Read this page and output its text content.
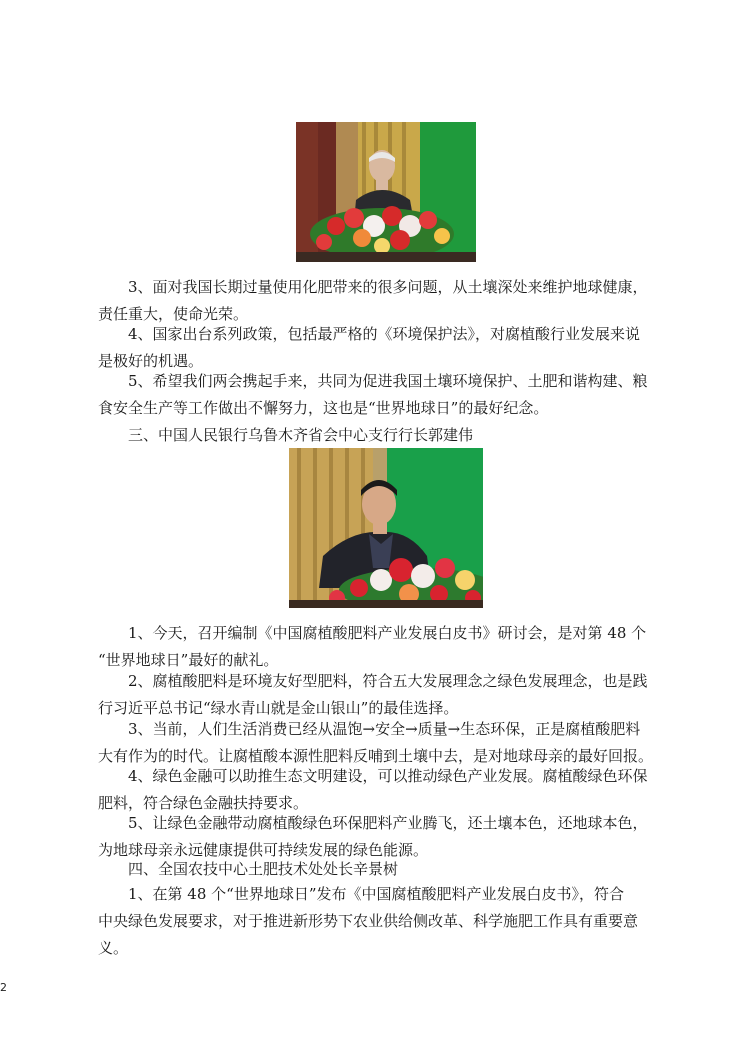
3、面对我国长期过量使用化肥带来的很多问题，从土壤深处来维护地球健康，
责任重大，使命光荣。
4、国家出台系列政策，包括最严格的《环境保护法》，对腐植酸行业发展来说
是极好的机遇。
5、希望我们两会携起手来，共同为促进我国土壤环境保护、土肥和谐构建、粮
食安全生产等工作做出不懈努力，这也是“世界地球日”的最好纪念。
三、中国人民银行乌鲁木齐省会中心支行行长郭建伟
1、今天，召开编制《中国腐植酸肥料产业发展白皮书》研讨会，是对第 48 个
“世界地球日”最好的献礼。
2、腐植酸肥料是环境友好型肥料，符合五大发展理念之绿色发展理念，也是践
行习近平总书记“绿水青山就是金山银山”的最佳选择。
3、当前，人们生活消费已经从温饱→安全→质量→生态环保，正是腐植酸肥料
大有作为的时代。让腐植酸本源性肥料反哺到土壤中去，是对地球母亲的最好回报。
4、绿色金融可以助推生态文明建设，可以推动绿色产业发展。腐植酸绿色环保
肥料，符合绿色金融扶持要求。
5、让绿色金融带动腐植酸绿色环保肥料产业腾飞，还土壤本色，还地球本色，
为地球母亲永远健康提供可持续发展的绿色能源。
四、全国农技中心土肥技术处处长辛景树
1、在第 48 个“世界地球日”发布《中国腐植酸肥料产业发展白皮书》，符合
中央绿色发展要求，对于推进新形势下农业供给侧改革、科学施肥工作具有重要意
义。
2
